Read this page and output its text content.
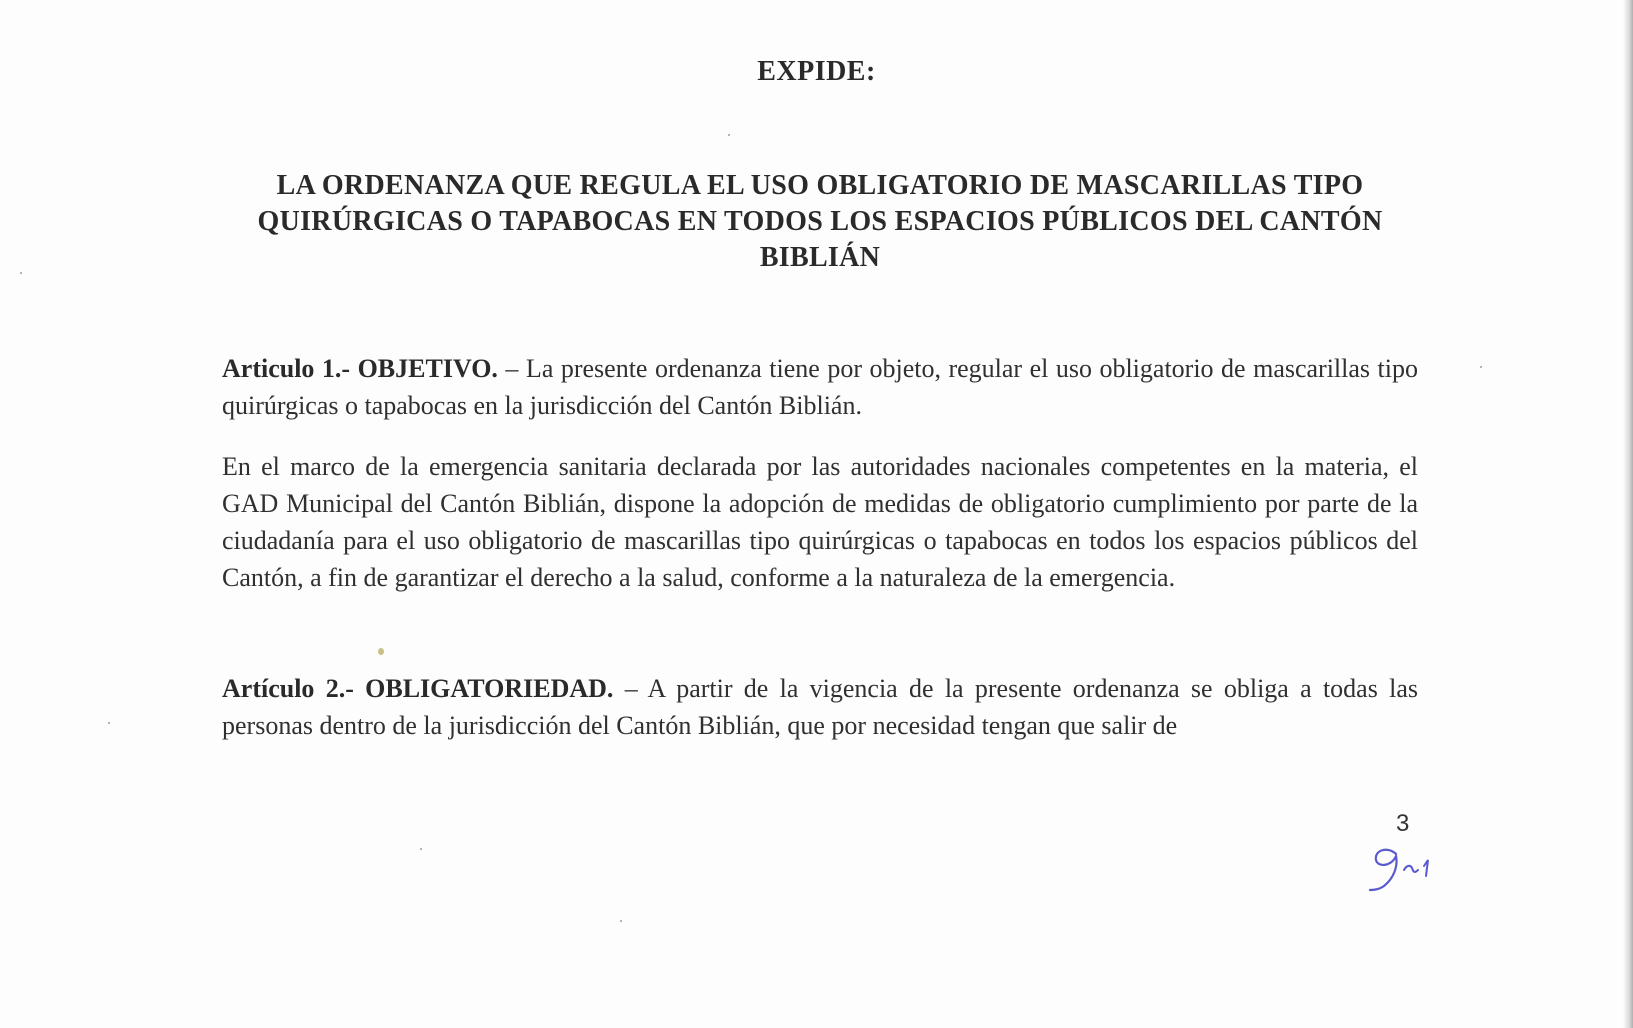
EXPIDE:
LA ORDENANZA QUE REGULA EL USO OBLIGATORIO DE MASCARILLAS TIPO QUIRÚRGICAS O TAPABOCAS EN TODOS LOS ESPACIOS PÚBLICOS DEL CANTÓN BIBLIÁN
Articulo 1.- OBJETIVO. – La presente ordenanza tiene por objeto, regular el uso obligatorio de mascarillas tipo quirúrgicas o tapabocas en la jurisdicción del Cantón Biblián.
En el marco de la emergencia sanitaria declarada por las autoridades nacionales competentes en la materia, el GAD Municipal del Cantón Biblián, dispone la adopción de medidas de obligatorio cumplimiento por parte de la ciudadanía para el uso obligatorio de mascarillas tipo quirúrgicas o tapabocas en todos los espacios públicos del Cantón, a fin de garantizar el derecho a la salud, conforme a la naturaleza de la emergencia.
Artículo 2.- OBLIGATORIEDAD. – A partir de la vigencia de la presente ordenanza se obliga a todas las personas dentro de la jurisdicción del Cantón Biblián, que por necesidad tengan que salir de
3
